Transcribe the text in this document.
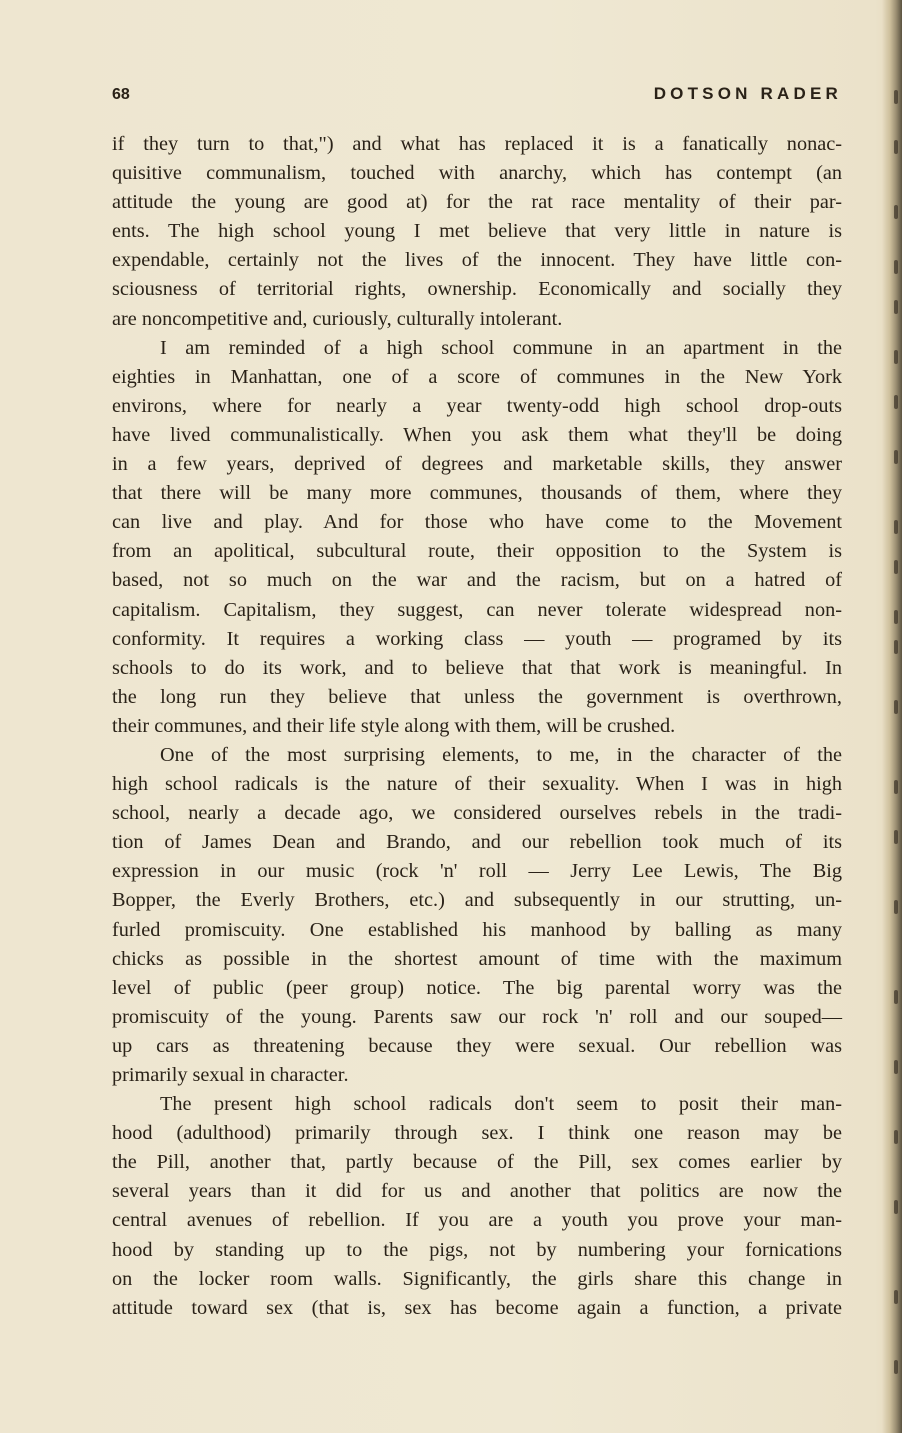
68	DOTSON RADER
if they turn to that,") and what has replaced it is a fanatically nonac-
quisitive communalism, touched with anarchy, which has contempt (an
attitude the young are good at) for the rat race mentality of their par-
ents. The high school young I met believe that very little in nature is
expendable, certainly not the lives of the innocent. They have little con-
sciousness of territorial rights, ownership. Economically and socially they
are noncompetitive and, curiously, culturally intolerant.
I am reminded of a high school commune in an apartment in the
eighties in Manhattan, one of a score of communes in the New York
environs, where for nearly a year twenty-odd high school drop-outs
have lived communalistically. When you ask them what they'll be doing
in a few years, deprived of degrees and marketable skills, they answer
that there will be many more communes, thousands of them, where they
can live and play. And for those who have come to the Movement
from an apolitical, subcultural route, their opposition to the System is
based, not so much on the war and the racism, but on a hatred of
capitalism. Capitalism, they suggest, can never tolerate widespread non-
conformity. It requires a working class — youth — programed by its
schools to do its work, and to believe that that work is meaningful. In
the long run they believe that unless the government is overthrown,
their communes, and their life style along with them, will be crushed.
One of the most surprising elements, to me, in the character of the
high school radicals is the nature of their sexuality. When I was in high
school, nearly a decade ago, we considered ourselves rebels in the tradi-
tion of James Dean and Brando, and our rebellion took much of its
expression in our music (rock 'n' roll — Jerry Lee Lewis, The Big
Bopper, the Everly Brothers, etc.) and subsequently in our strutting, un-
furled promiscuity. One established his manhood by balling as many
chicks as possible in the shortest amount of time with the maximum
level of public (peer group) notice. The big parental worry was the
promiscuity of the young. Parents saw our rock 'n' roll and our souped—
up cars as threatening because they were sexual. Our rebellion was
primarily sexual in character.
The present high school radicals don't seem to posit their man-
hood (adulthood) primarily through sex. I think one reason may be
the Pill, another that, partly because of the Pill, sex comes earlier by
several years than it did for us and another that politics are now the
central avenues of rebellion. If you are a youth you prove your man-
hood by standing up to the pigs, not by numbering your fornications
on the locker room walls. Significantly, the girls share this change in
attitude toward sex (that is, sex has become again a function, a private
